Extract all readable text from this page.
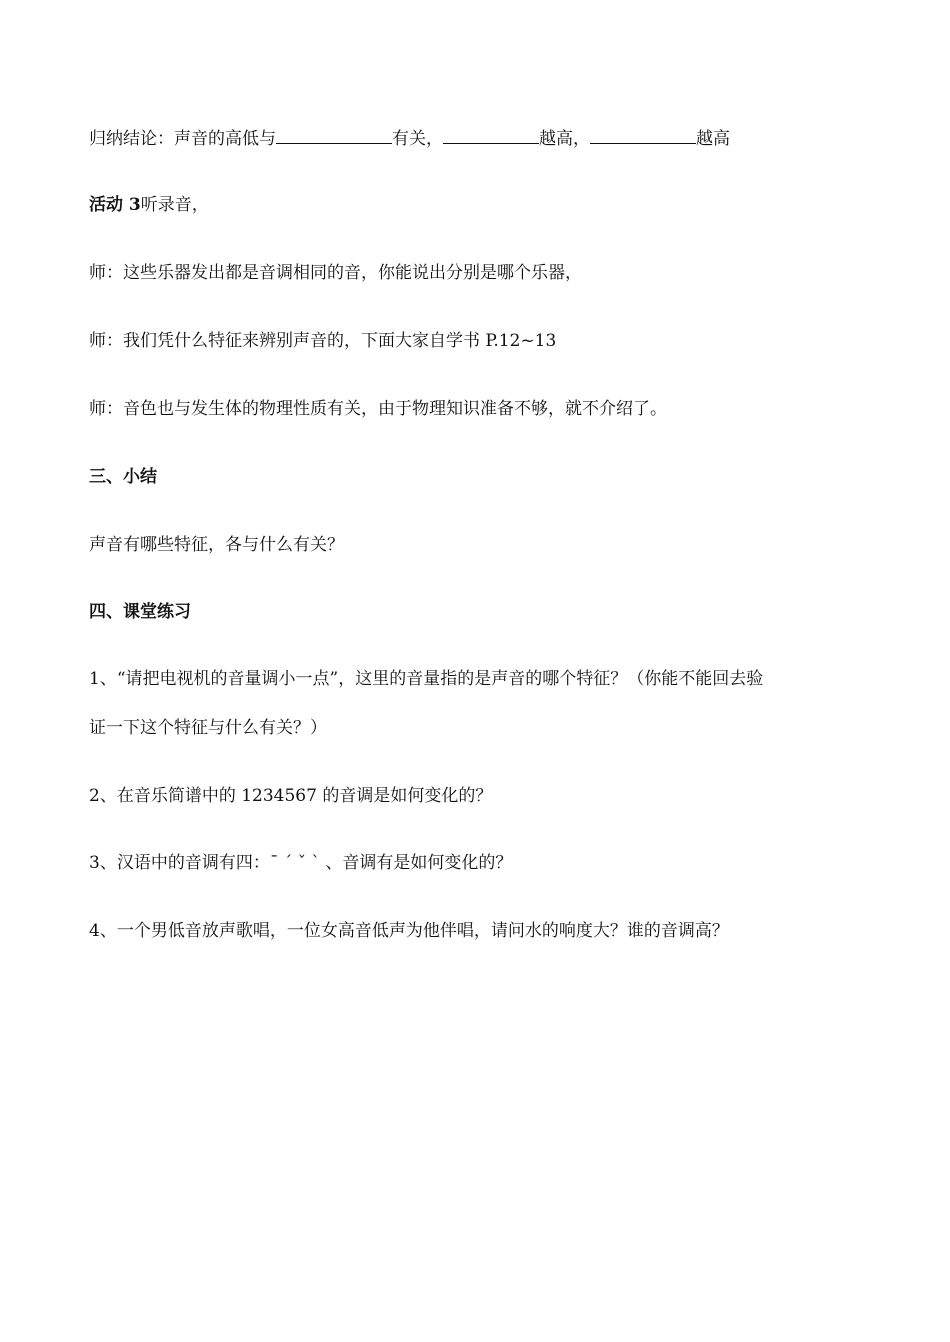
归纳结论：声音的高低与	有关，	越高，	越高

活动 3听录音，

师：这些乐器发出都是音调相同的音，你能说出分别是哪个乐器，

师：我们凭什么特征来辨别声音的，下面大家自学书 P.12~13

师：音色也与发生体的物理性质有关，由于物理知识准备不够，就不介绍了。

三、小结

声音有哪些特征，各与什么有关？

四、课堂练习

1、“请把电视机的音量调小一点”，这里的音量指的是声音的哪个特征？（你能不能回去验

证一下这个特征与什么有关？）

2、在音乐简谱中的 1234567 的音调是如何变化的？

3、汉语中的音调有四：ˉ ˊ ˇ ˋ 、音调有是如何变化的？

4、一个男低音放声歌唱，一位女高音低声为他伴唱，请问水的响度大？谁的音调高？
